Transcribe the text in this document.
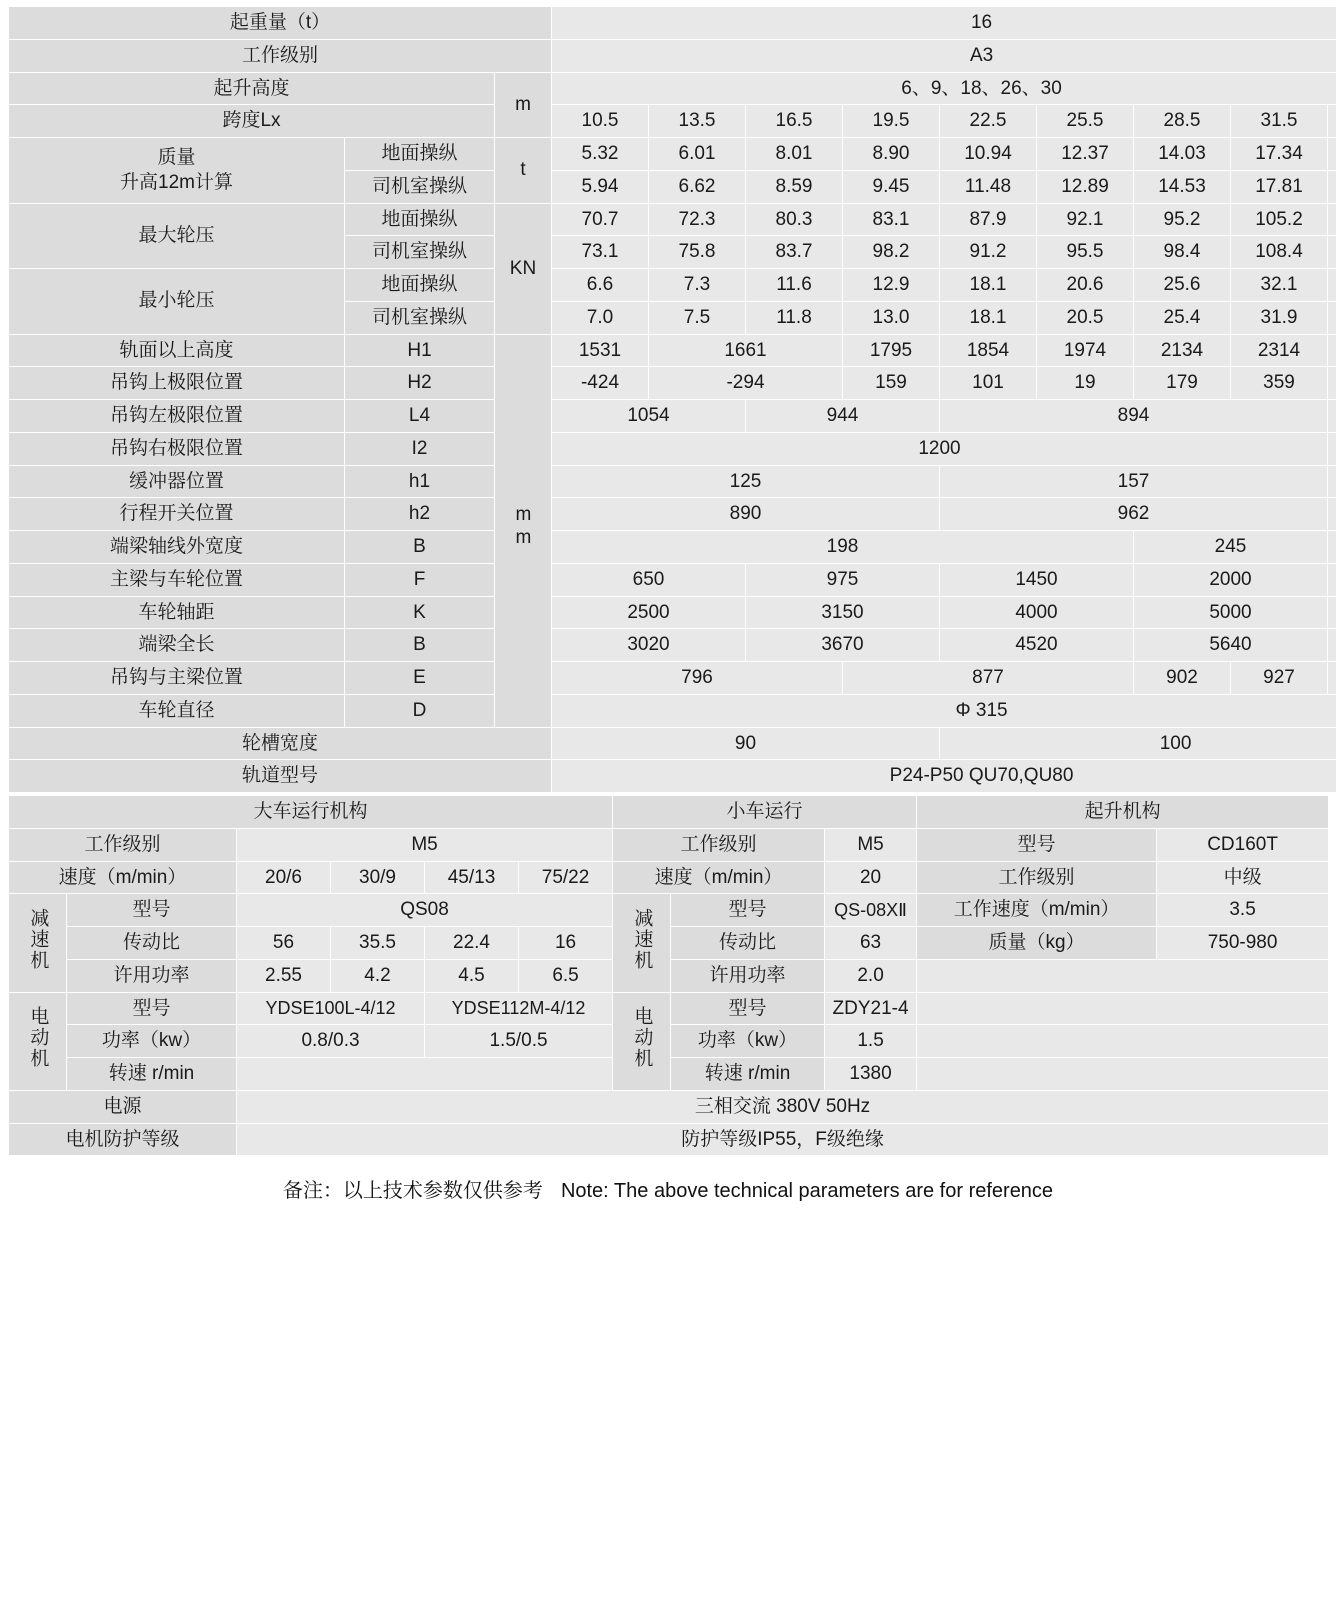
起重量（t）			16								
工作级别			A3								
起升高度		m	6、9、18、26、30								
跨度Lx			10.5	13.5	16.5	19.5	22.5	25.5	28.5	31.5	

质量
升高12m计算	地面操纵	t	5.32	6.01	8.01	8.90	10.94	12.37	14.03	17.34	
	司机室操纵		5.94	6.62	8.59	9.45	11.48	12.89	14.53	17.81	
最大轮压	地面操纵	KN	70.7	72.3	80.3	83.1	87.9	92.1	95.2	105.2	
	司机室操纵		73.1	75.8	83.7	98.2	91.2	95.5	98.4	108.4	
最小轮压	地面操纵		6.6	7.3	11.6	12.9	18.1	20.6	25.6	32.1	
	司机室操纵		7.0	7.5	11.8	13.0	18.1	20.5	25.4	31.9	
轨面以上高度	H1	mm	1531	1661		1795	1854	1974	2134	2314	
吊钩上极限位置	H2		-424	-294		159	101	19	179	359	
吊钩左极限位置	L4		1054		944		894				
吊钩右极限位置	I2		1200								
缓冲器位置	h1		125				157				
行程开关位置	h2		890				962				
端梁轴线外宽度	B		198						245		
主梁与车轮位置	F		650		975		1450		2000		
车轮轴距	K		2500		3150		4000		5000		
端梁全长	B		3020		3670		4520		5640		
吊钩与主梁位置	E		796			877			902	927	
车轮直径	D		Φ 315								
轮槽宽度			90				100				
轨道型号			P24-P50 QU70,QU80								
大车运行机构						小车运行			起升机构	
工作级别		M5				工作级别		M5	型号	CD160T
速度（m/min）		20/6	30/9	45/13	75/22	速度（m/min）		20	工作级别	中级
减速机	型号	QS08				减速机	型号	QS-08XⅡ	工作速度（m/min）	3.5
	传动比	56	35.5	22.4	16		传动比	63	质量（kg）	750-980
	许用功率	2.55	4.2	4.5	6.5		许用功率	2.0		
电动机	型号	YDSE100L-4/12		YDSE112M-4/12		电动机	型号	ZDY21-4		
	功率（kw）	0.8/0.3		1.5/0.5			功率（kw）	1.5		
	转速 r/min						转速 r/min	1380		
电源		三相交流 380V 50Hz								
电机防护等级		防护等级IP55，F级绝缘								
备注：以上技术参数仅供参考 Note: The above technical parameters are for reference
